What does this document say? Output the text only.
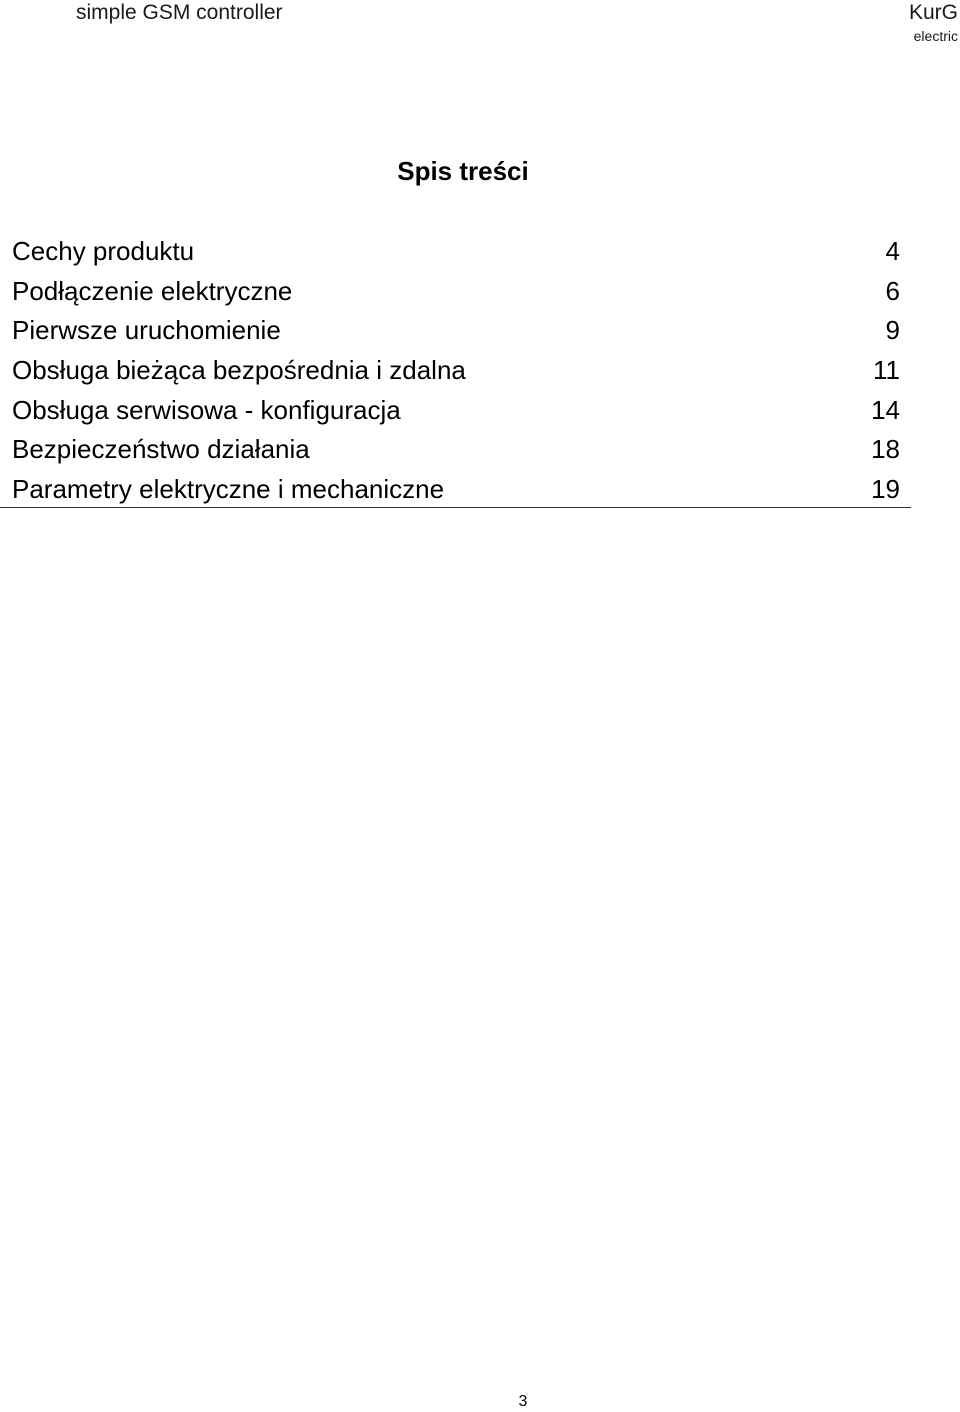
simple GSM controller	KurG
electric
Spis treści
Cechy produktu	4
Podłączenie elektryczne	6
Pierwsze uruchomienie	9
Obsługa bieżąca bezpośrednia i zdalna	11
Obsługa serwisowa - konfiguracja	14
Bezpieczeństwo działania	18
Parametry elektryczne i mechaniczne	19
3
